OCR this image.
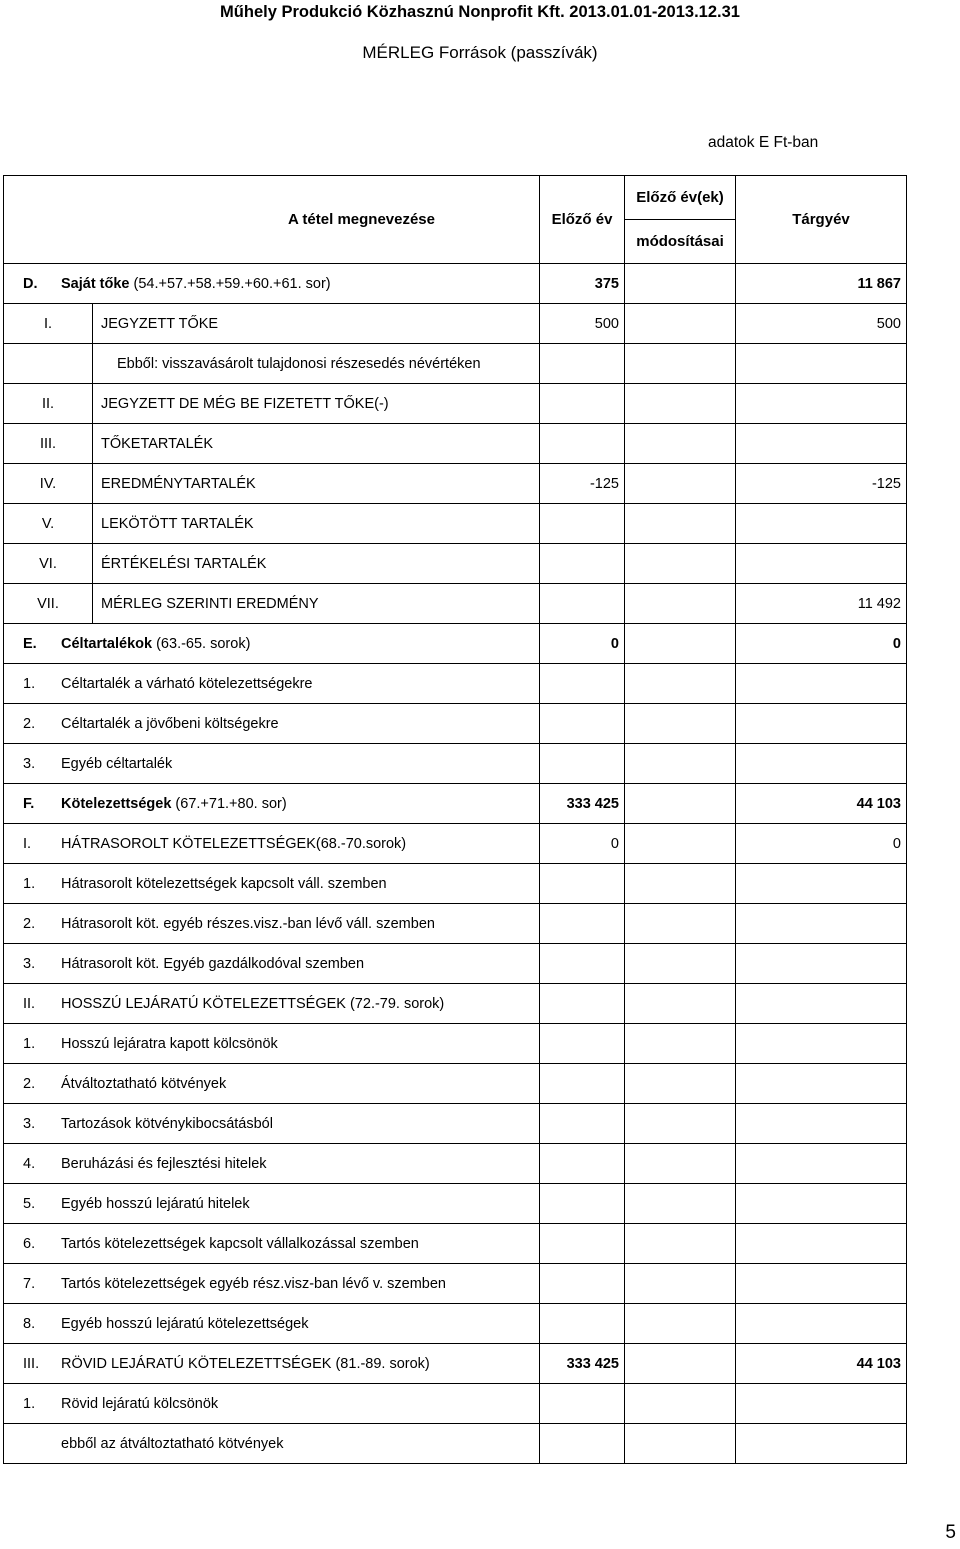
Műhely Produkció Közhasznú Nonprofit Kft. 2013.01.01-2013.12.31
MÉRLEG Források (passzívák)
adatok E Ft-ban
A tétel megnevezése	Előző év	Előző év(ek)
módosításai	Tárgyév

D. Saját tőke (54.+57.+58.+59.+60.+61. sor)	375		11 867

I. JEGYZETT TŐKE	500		500

Ebből: visszavásárolt tulajdonosi részesedés névértéken			

II. JEGYZETT DE MÉG BE FIZETETT TŐKE(-)			

III. TŐKETARTALÉK			

IV. EREDMÉNYTARTALÉK	-125		-125

V. LEKÖTÖTT TARTALÉK			

VI. ÉRTÉKELÉSI TARTALÉK			

VII. MÉRLEG SZERINTI EREDMÉNY			11 492

E. Céltartalékok (63.-65. sorok)	0		0

1. Céltartalék a várható kötelezettségekre			

2. Céltartalék a jövőbeni költségekre			

3. Egyéb céltartalék			

F. Kötelezettségek (67.+71.+80. sor)	333 425		44 103

I. HÁTRASOROLT KÖTELEZETTSÉGEK(68.-70.sorok)	0		0

1. Hátrasorolt kötelezettségek kapcsolt váll. szemben			

2. Hátrasorolt köt. egyéb részes.visz.-ban lévő váll. szemben			

3. Hátrasorolt köt. Egyéb gazdálkodóval szemben			

II. HOSSZÚ LEJÁRATÚ KÖTELEZETTSÉGEK (72.-79. sorok)			

1. Hosszú lejáratra kapott kölcsönök			

2. Átváltoztatható kötvények			

3. Tartozások kötvénykibocsátásból			

4. Beruházási és fejlesztési hitelek			

5. Egyéb hosszú lejáratú hitelek			

6. Tartós kötelezettségek kapcsolt vállalkozással szemben			

7. Tartós kötelezettségek egyéb rész.visz-ban lévő v. szemben			

8. Egyéb hosszú lejáratú kötelezettségek			

III. RÖVID LEJÁRATÚ KÖTELEZETTSÉGEK (81.-89. sorok)	333 425		44 103

1. Rövid lejáratú kölcsönök			

ebből az átváltoztatható kötvények			

5
